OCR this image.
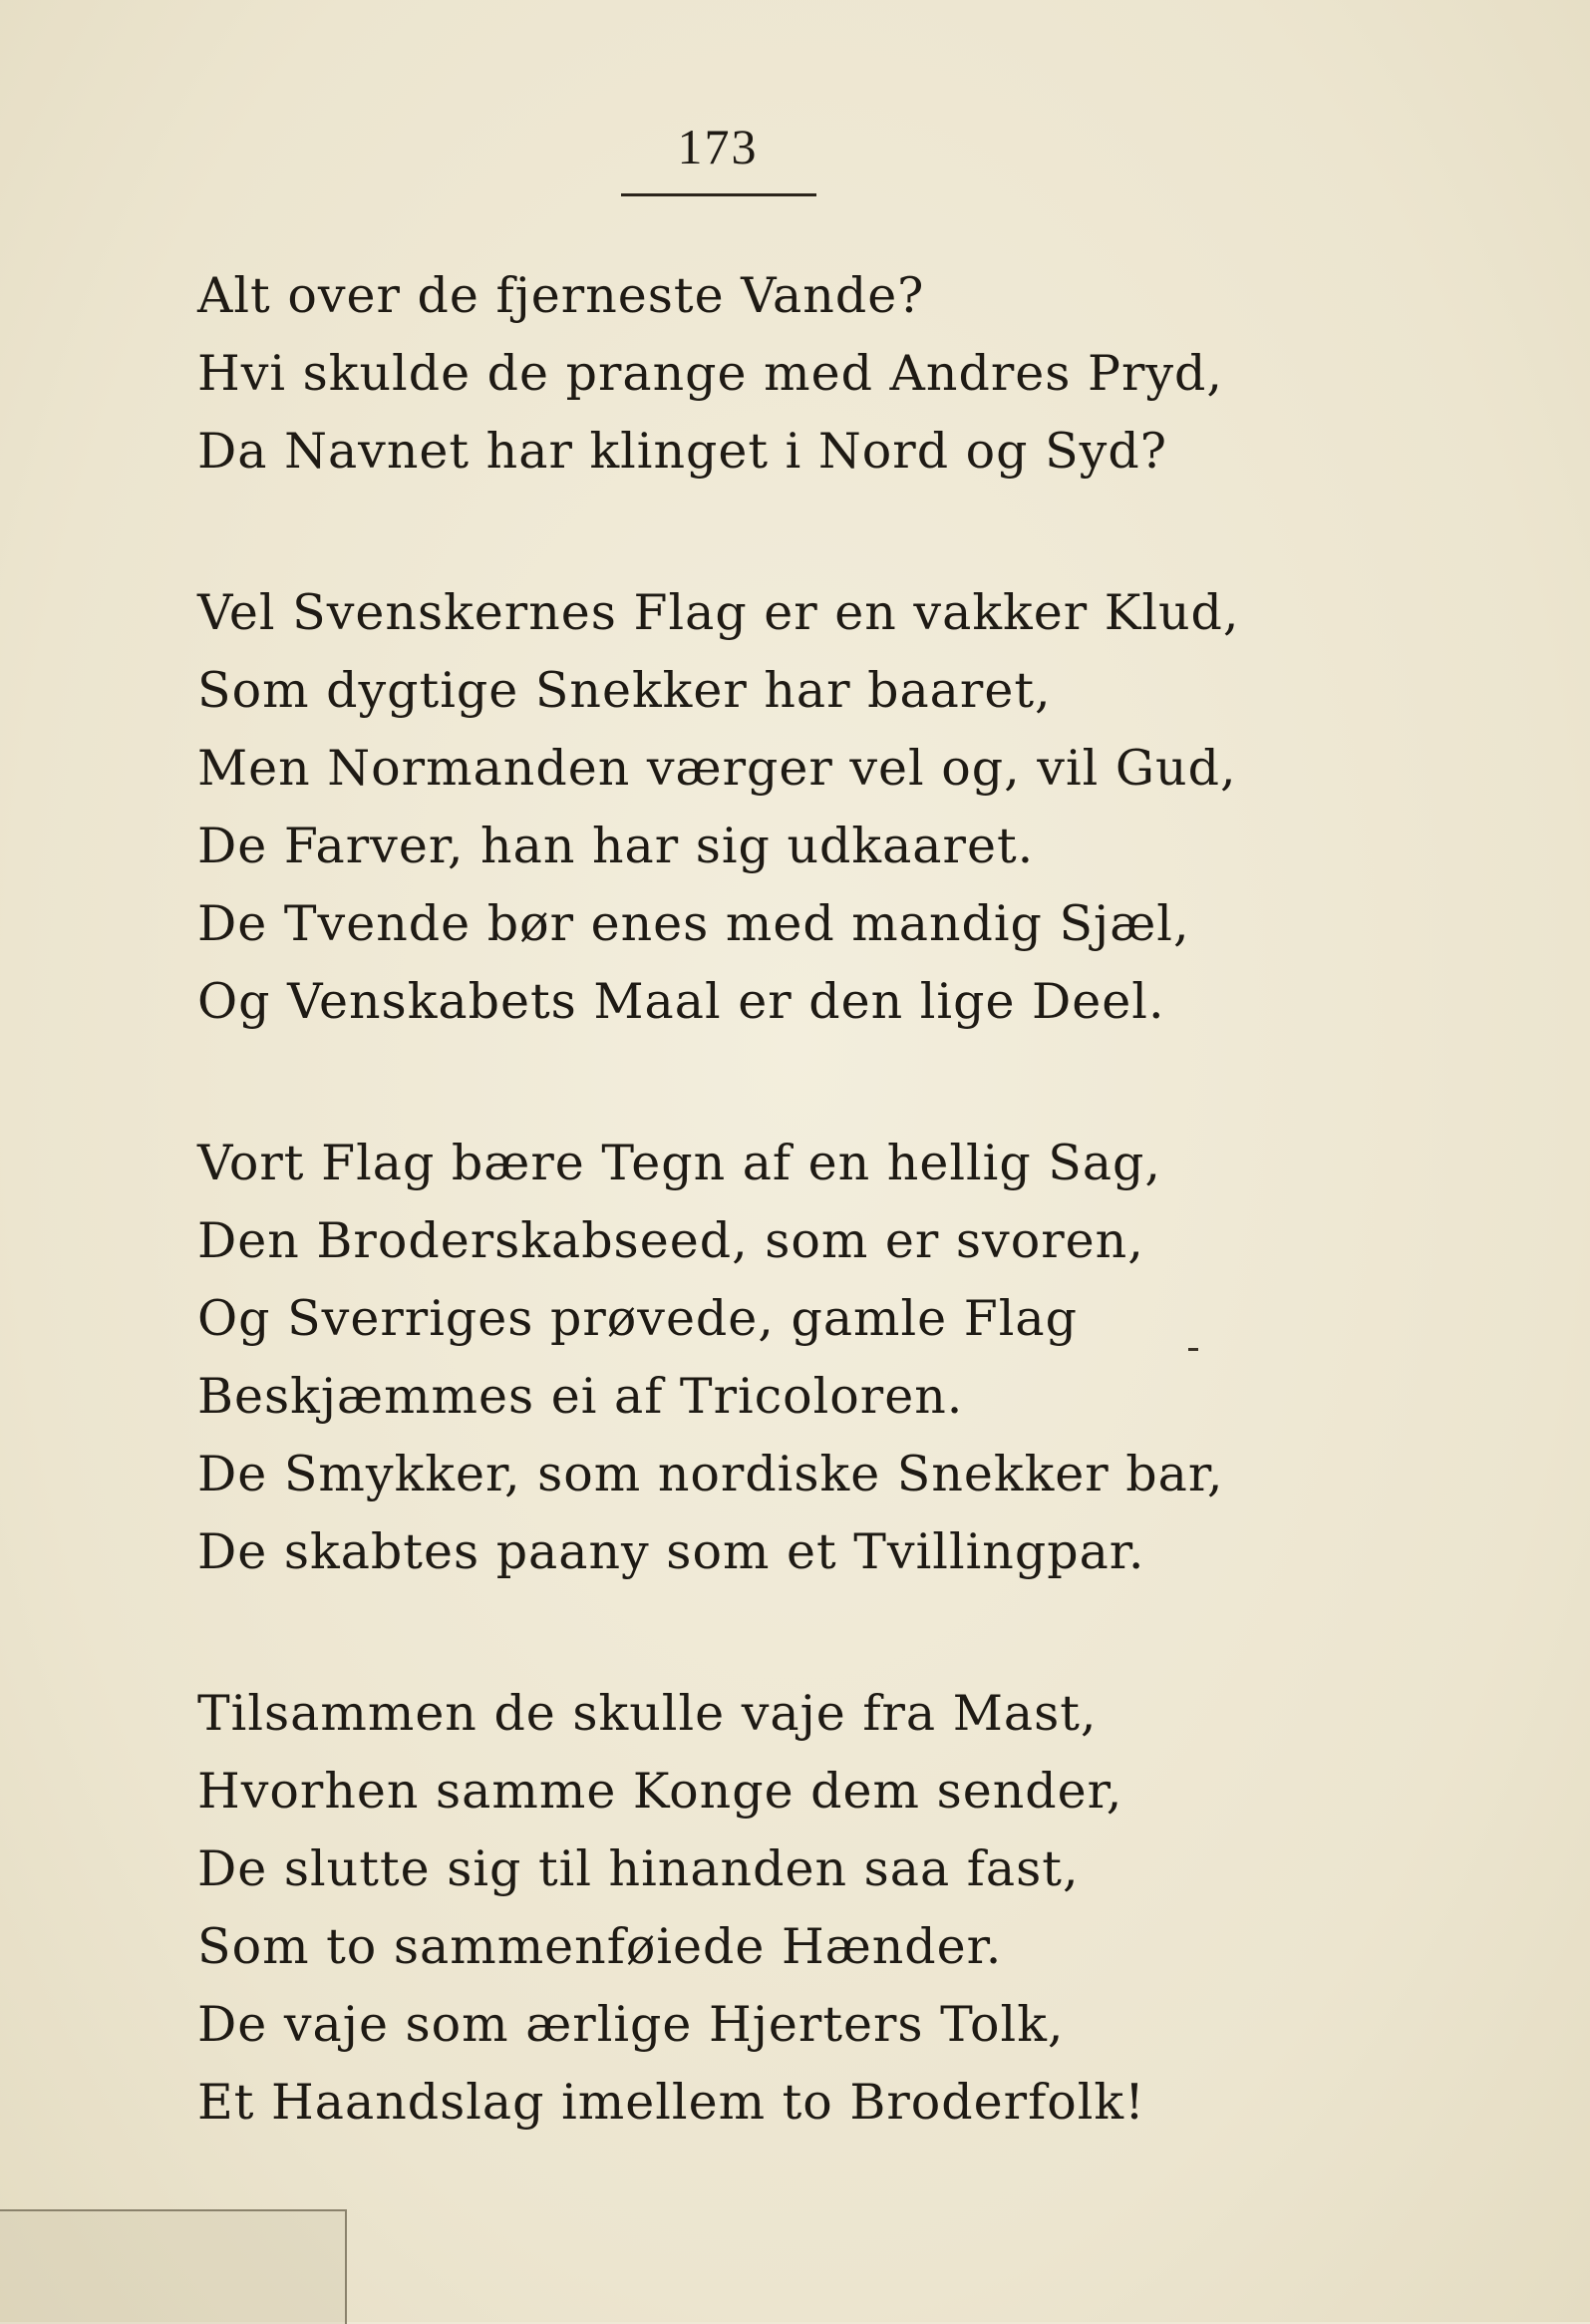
173
Alt over de fjerneste Vande?
Hvi skulde de prange med Andres Pryd,
Da Navnet har klinget i Nord og Syd?
Vel Svenskernes Flag er en vakker Klud,
Som dygtige Snekker har baaret,
Men Normanden værger vel og, vil Gud,
De Farver, han har sig udkaaret.
De Tvende bør enes med mandig Sjæl,
Og Venskabets Maal er den lige Deel.
Vort Flag bære Tegn af en hellig Sag,
Den Broderskabseed, som er svoren,
Og Sverriges prøvede, gamle Flag
Beskjæmmes ei af Tricoloren.
De Smykker, som nordiske Snekker bar,
De skabtes paany som et Tvillingpar.
Tilsammen de skulle vaje fra Mast,
Hvorhen samme Konge dem sender,
De slutte sig til hinanden saa fast,
Som to sammenføiede Hænder.
De vaje som ærlige Hjerters Tolk,
Et Haandslag imellem to Broderfolk!
